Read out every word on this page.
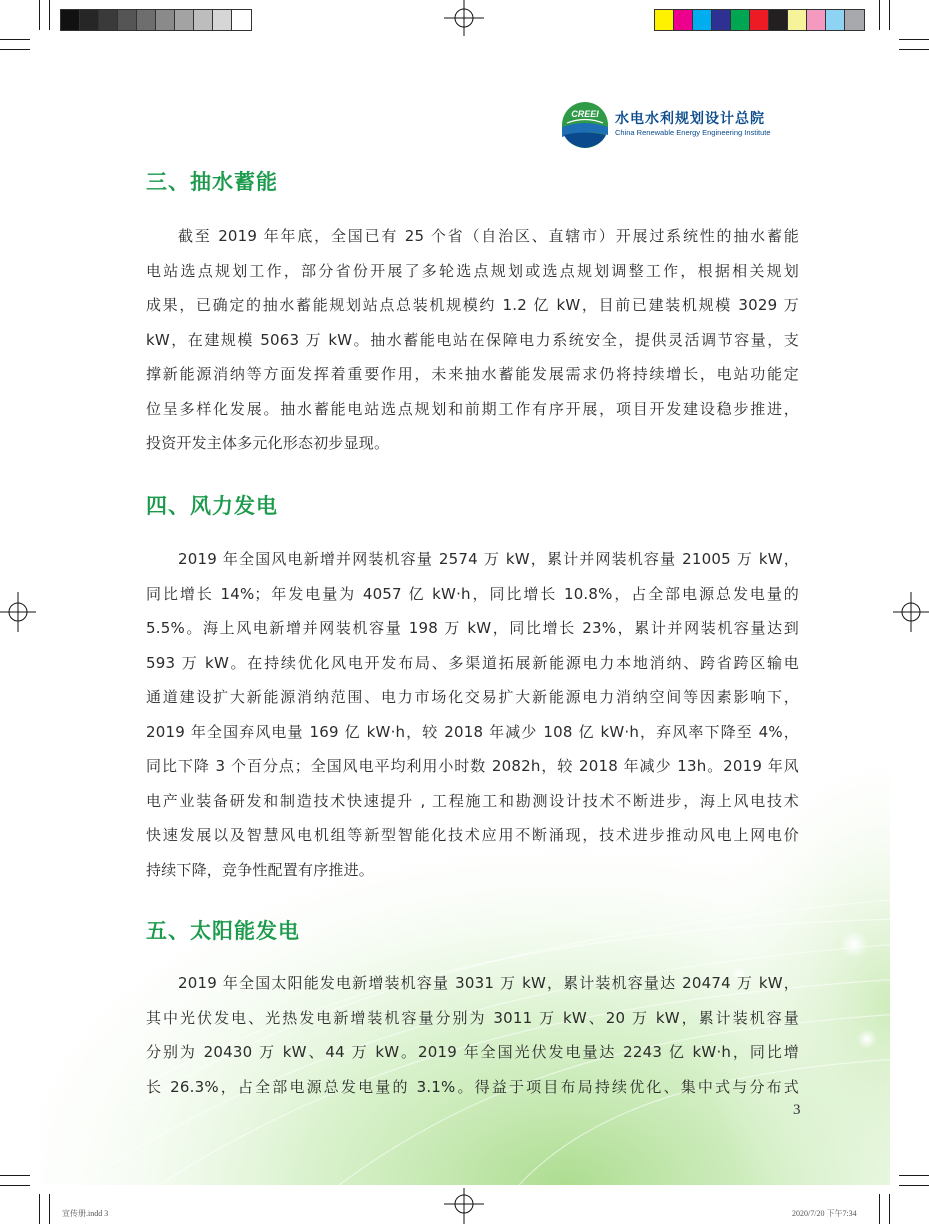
CREEI 水电水利规划设计总院
China Renewable Energy Engineering Institute
三、抽水蓄能
四、风力发电
五、太阳能发电
截至 2019 年年底，全国已有 25 个省（自治区、直辖市）开展过系统性的抽水蓄能
电站选点规划工作，部分省份开展了多轮选点规划或选点规划调整工作，根据相关规划
成果，已确定的抽水蓄能规划站点总装机规模约 1.2 亿 kW，目前已建装机规模 3029 万
kW，在建规模 5063 万 kW。抽水蓄能电站在保障电力系统安全，提供灵活调节容量，支
撑新能源消纳等方面发挥着重要作用，未来抽水蓄能发展需求仍将持续增长，电站功能定
位呈多样化发展。抽水蓄能电站选点规划和前期工作有序开展，项目开发建设稳步推进，
投资开发主体多元化形态初步显现。
2019 年全国风电新增并网装机容量 2574 万 kW，累计并网装机容量 21005 万 kW，
同比增长 14%；年发电量为 4057 亿 kW·h，同比增长 10.8%，占全部电源总发电量的
5.5%。海上风电新增并网装机容量 198 万 kW，同比增长 23%，累计并网装机容量达到
593 万 kW。在持续优化风电开发布局、多渠道拓展新能源电力本地消纳、跨省跨区输电
通道建设扩大新能源消纳范围、电力市场化交易扩大新能源电力消纳空间等因素影响下，
2019 年全国弃风电量 169 亿 kW·h，较 2018 年减少 108 亿 kW·h，弃风率下降至 4%，
同比下降 3 个百分点；全国风电平均利用小时数 2082h，较 2018 年减少 13h。2019 年风
电产业装备研发和制造技术快速提升 , 工程施工和勘测设计技术不断进步，海上风电技术
快速发展以及智慧风电机组等新型智能化技术应用不断涌现，技术进步推动风电上网电价
持续下降，竞争性配置有序推进。
2019 年全国太阳能发电新增装机容量 3031 万 kW，累计装机容量达 20474 万 kW，
其中光伏发电、光热发电新增装机容量分别为 3011 万 kW、20 万 kW，累计装机容量
分别为 20430 万 kW、44 万 kW。2019 年全国光伏发电量达 2243 亿 kW·h，同比增
长 26.3%，占全部电源总发电量的 3.1%。得益于项目布局持续优化、集中式与分布式
3
宣传册.indd 3	2020/7/20 下午7:34
